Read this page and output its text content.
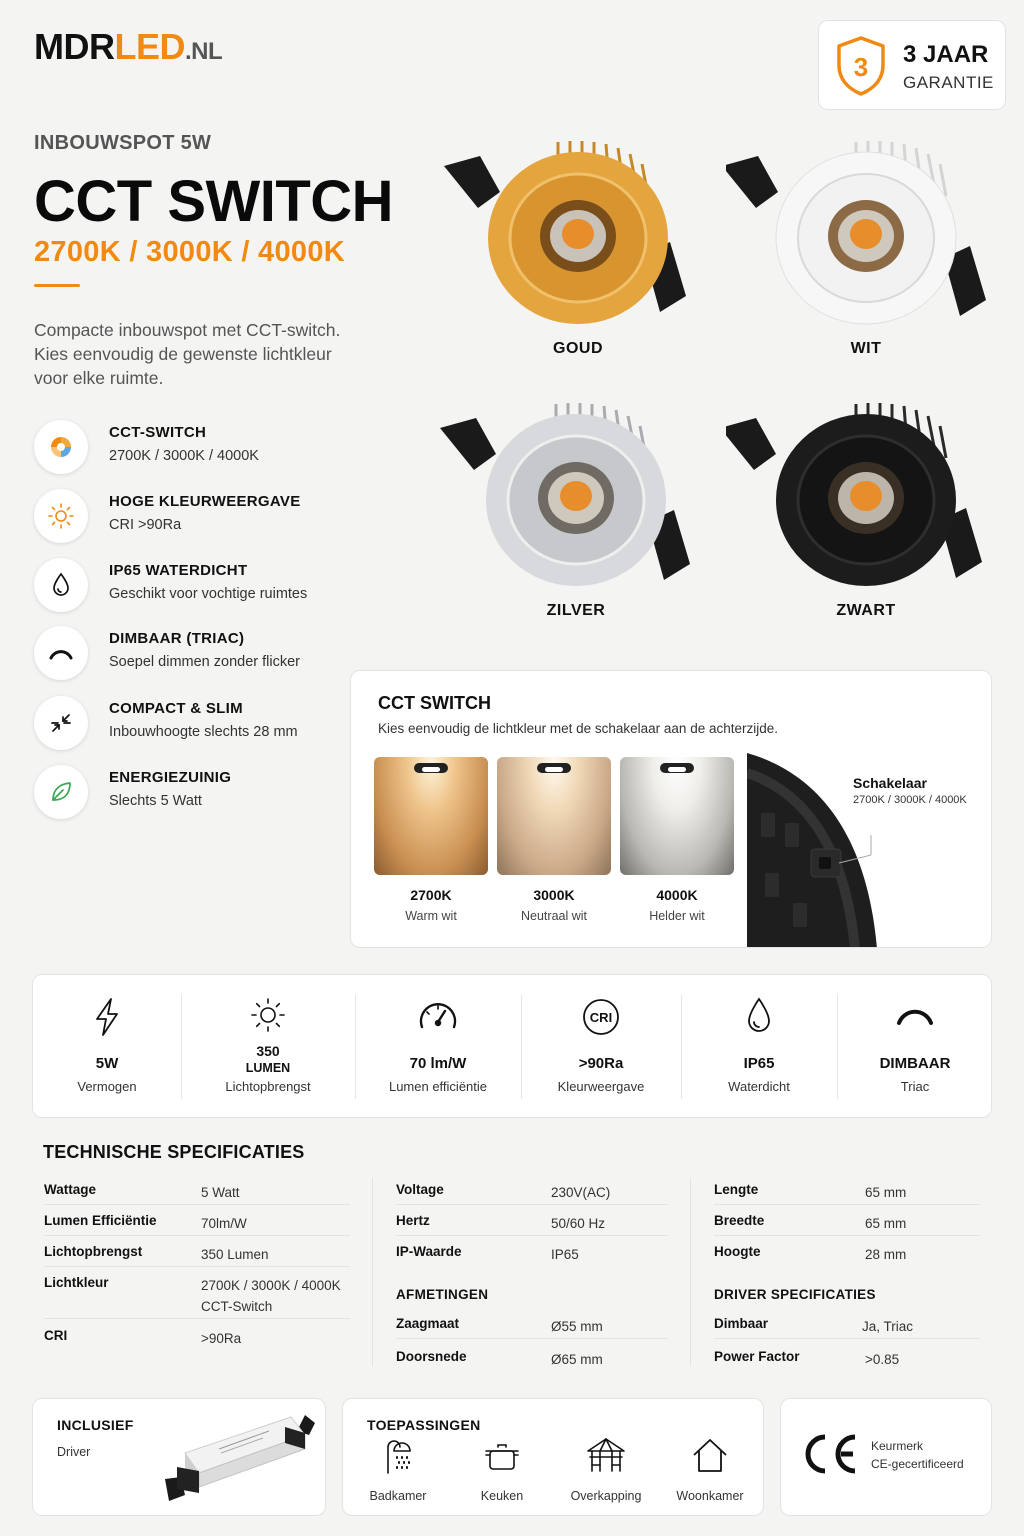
MDRLED.NL
3 3 JAAR
GARANTIE
INBOUWSPOT 5W
CCT SWITCH
2700K / 3000K / 4000K
Compacte inbouwspot met CCT-switch.
Kies eenvoudig de gewenste lichtkleur
voor elke ruimte.
CCT-SWITCH
2700K / 3000K / 4000K
HOGE KLEURWEERGAVE
CRI >90Ra
IP65 WATERDICHT
Geschikt voor vochtige ruimtes
DIMBAAR (TRIAC)
Soepel dimmen zonder flicker
COMPACT & SLIM
Inbouwhoogte slechts 28 mm
ENERGIEZUINIG
Slechts 5 Watt
GOUD	WIT
ZILVER	ZWART
CCT SWITCH
Kies eenvoudig de lichtkleur met de schakelaar aan de achterzijde.
2700K
Warm wit
3000K
Neutraal wit
4000K
Helder wit
Schakelaar
2700K / 3000K / 4000K
5W
Vermogen
350
LUMEN
Lichtopbrengst
70 lm/W
Lumen efficiëntie
CRI
>90Ra
Kleurweergave
IP65
Waterdicht
DIMBAAR
Triac
TECHNISCHE SPECIFICATIES
Wattage	5 Watt
Lumen Efficiëntie	70lm/W
Lichtopbrengst	350 Lumen
Lichtkleur	2700K / 3000K / 4000K
CCT-Switch
CRI	>90Ra
Voltage	230V(AC)
Hertz	50/60 Hz
IP-Waarde	IP65
AFMETINGEN
Zaagmaat	Ø55 mm
Doorsnede	Ø65 mm
Lengte	65 mm
Breedte	65 mm
Hoogte	28 mm
DRIVER SPECIFICATIES
Dimbaar	Ja, Triac
Power Factor	>0.85
INCLUSIEF
Driver
TOEPASSINGEN
Badkamer	Keuken	Overkapping	Woonkamer
Keurmerk
CE-gecertificeerd
